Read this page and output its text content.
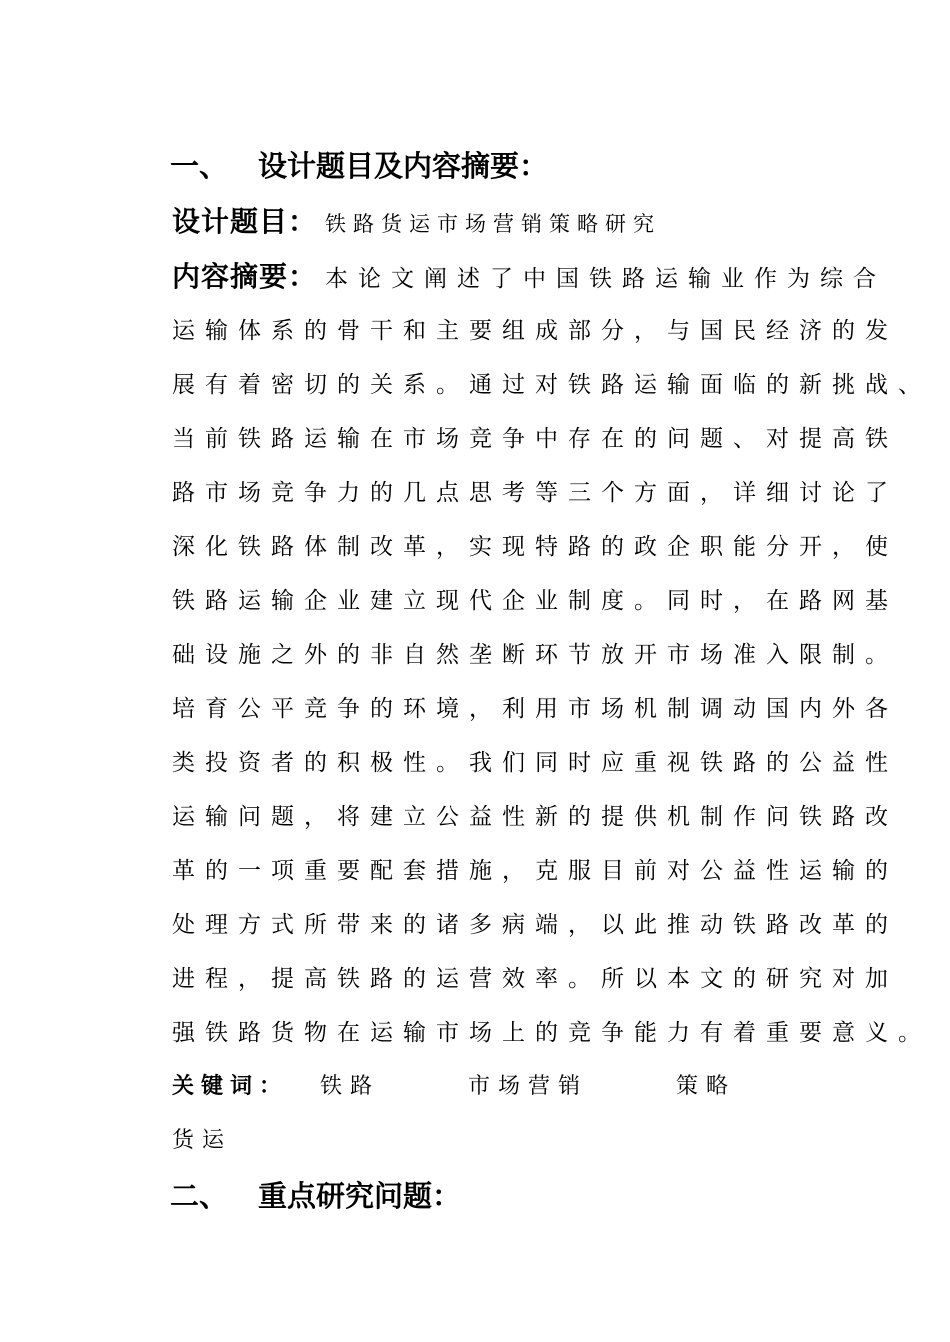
一、 设计题目及内容摘要：
设计题目： 铁路货运市场营销策略研究
内容摘要： 本论文阐述了中国铁路运输业作为综合
运输体系的骨干和主要组成部分，与国民经济的发
展有着密切的关系。通过对铁路运输面临的新挑战、
当前铁路运输在市场竞争中存在的问题、对提高铁
路市场竞争力的几点思考等三个方面，详细讨论了
深化铁路体制改革，实现特路的政企职能分开，使
铁路运输企业建立现代企业制度。同时，在路网基
础设施之外的非自然垄断环节放开市场准入限制。
培育公平竞争的环境，利用市场机制调动国内外各
类投资者的积极性。我们同时应重视铁路的公益性
运输问题，将建立公益性新的提供机制作问铁路改
革的一项重要配套措施，克服目前对公益性运输的
处理方式所带来的诸多病端，以此推动铁路改革的
进程，提高铁路的运营效率。所以本文的研究对加
强铁路货物在运输市场上的竞争能力有着重要意义。
关键词： 铁路	市场营销	策略
货运
二、 重点研究问题：
